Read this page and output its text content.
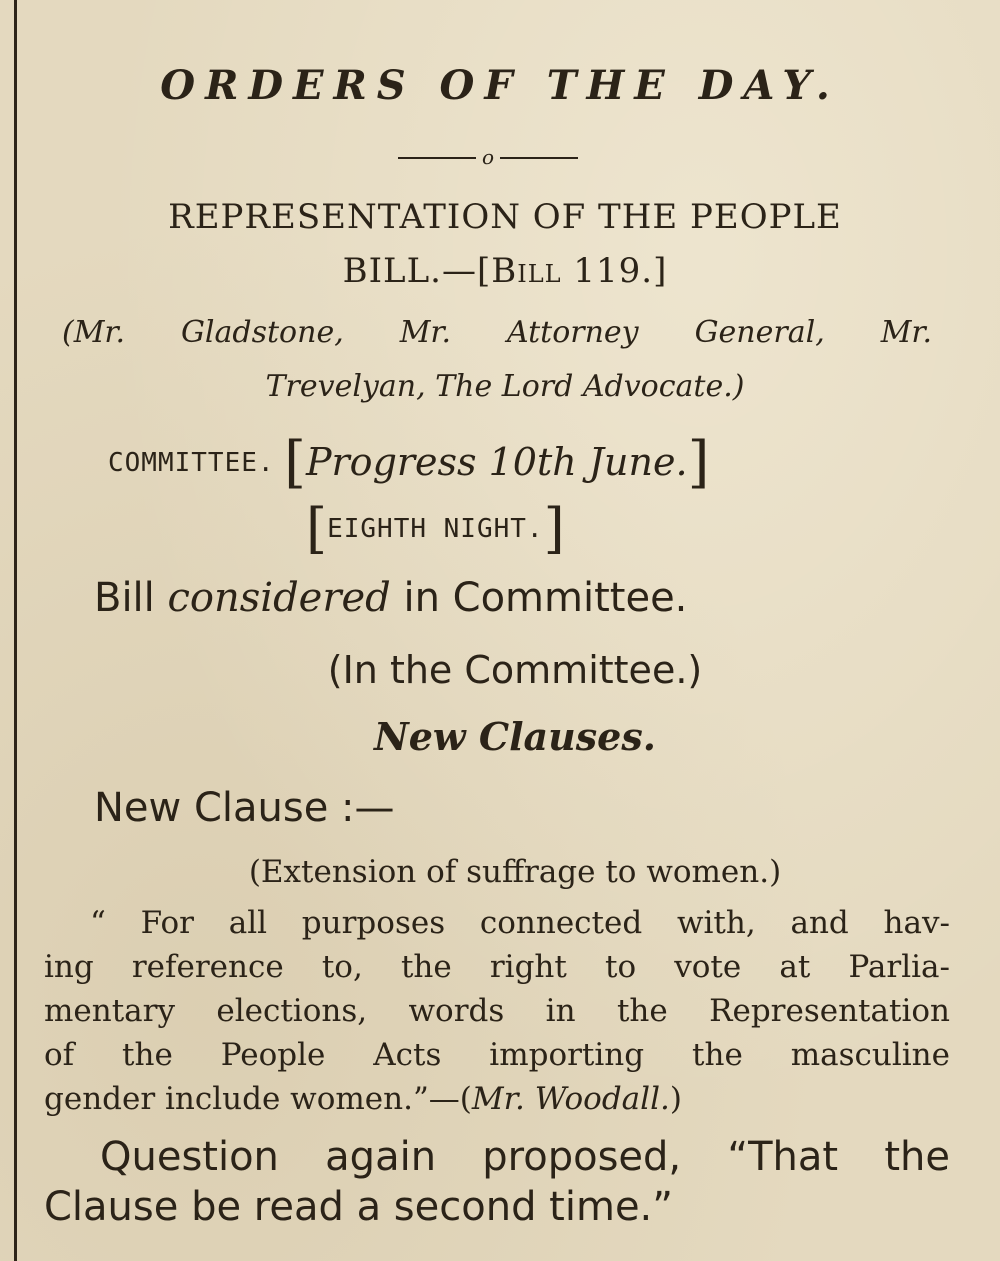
ORDERS OF THE DAY.
o
REPRESENTATION OF THE PEOPLE
BILL.—[Bill 119.]
(Mr. Gladstone, Mr. Attorney General, Mr.
Trevelyan, The Lord Advocate.)
COMMITTEE. [Progress 10th June.]
[EIGHTH NIGHT.]
Bill considered in Committee.
(In the Committee.)
New Clauses.
New Clause :—
(Extension of suffrage to women.)
“ For all purposes connected with, and hav-
ing reference to, the right to vote at Parlia-
mentary elections, words in the Representation
of the People Acts importing the masculine
gender include women.”—(Mr. Woodall.)
Question again proposed, “That the
Clause be read a second time.”
